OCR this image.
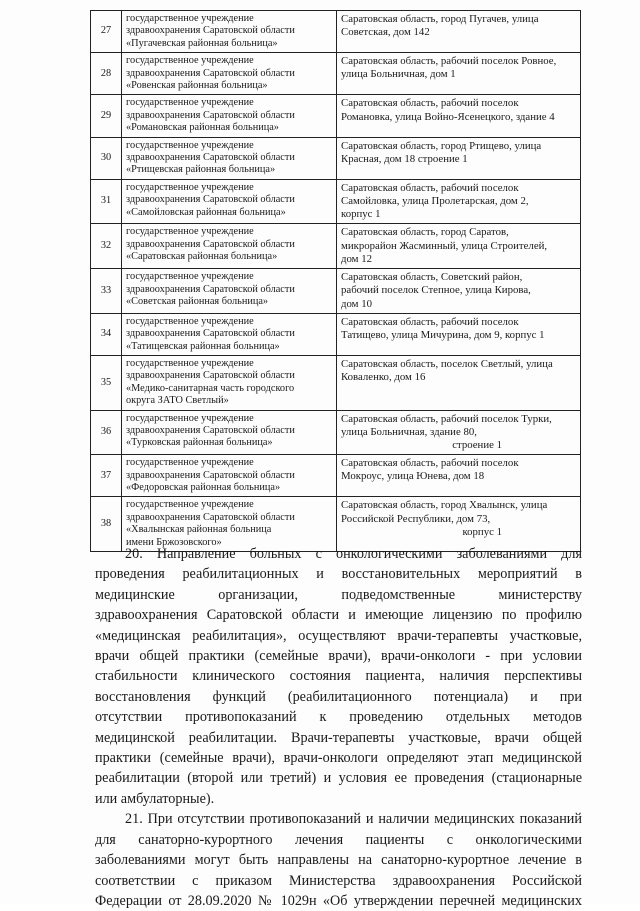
27	государственное учреждение
здравоохранения Саратовской области
«Пугачевская районная больница»	Саратовская область, город Пугачев, улица
Советская, дом 142

28	государственное учреждение
здравоохранения Саратовской области
«Ровенская районная больница»	Саратовская область, рабочий поселок Ровное,
улица Больничная, дом 1

29	государственное учреждение
здравоохранения Саратовской области
«Романовская районная больница»	Саратовская область, рабочий поселок
Романовка, улица Войно-Ясенецкого, здание 4

30	государственное учреждение
здравоохранения Саратовской области
«Ртищевская районная больница»	Саратовская область, город Ртищево, улица
Красная, дом 18 строение 1

31	государственное учреждение
здравоохранения Саратовской области
«Самойловская районная больница»	Саратовская область, рабочий поселок
Самойловка, улица Пролетарская, дом 2,
корпус 1

32	государственное учреждение
здравоохранения Саратовской области
«Саратовская районная больница»	Саратовская область, город Саратов,
микрорайон Жасминный, улица Строителей,
дом 12

33	государственное учреждение
здравоохранения Саратовской области
«Советская районная больница»	Саратовская область, Советский район,
рабочий поселок Степное, улица Кирова,
дом 10

34	государственное учреждение
здравоохранения Саратовской области
«Татищевская районная больница»	Саратовская область, рабочий поселок
Татищево, улица Мичурина, дом 9, корпус 1

35	государственное учреждение
здравоохранения Саратовской области
«Медико-санитарная часть городского
округа ЗАТО Светлый»	Саратовская область, поселок Светлый, улица
Коваленко, дом 16

36	государственное учреждение
здравоохранения Саратовской области
«Турковская районная больница»	Саратовская область, рабочий поселок Турки,
улица Больничная, здание 80,
строение 1

37	государственное учреждение
здравоохранения Саратовской области
«Федоровская районная больница»	Саратовская область, рабочий поселок
Мокроус, улица Юнева, дом 18

38	государственное учреждение
здравоохранения Саратовской области
«Хвалынская районная больница
имени Бржозовского»	Саратовская область, город Хвалынск, улица
Российской Республики, дом 73,
корпус 1
20. Направление больных с онкологическими заболеваниями для
проведения реабилитационных и восстановительных мероприятий в
медицинские организации, подведомственные министерству
здравоохранения Саратовской области и имеющие лицензию по профилю
«медицинская реабилитация», осуществляют врачи-терапевты участковые,
врачи общей практики (семейные врачи), врачи-онкологи - при условии
стабильности клинического состояния пациента, наличия перспективы
восстановления функций (реабилитационного потенциала) и при
отсутствии противопоказаний к проведению отдельных методов
медицинской реабилитации. Врачи-терапевты участковые, врачи общей
практики (семейные врачи), врачи-онкологи определяют этап медицинской
реабилитации (второй или третий) и условия ее проведения (стационарные
или амбулаторные).
21. При отсутствии противопоказаний и наличии медицинских показаний
для санаторно-курортного лечения пациенты с онкологическими
заболеваниями могут быть направлены на санаторно-курортное лечение в
соответствии с приказом Министерства здравоохранения Российской
Федерации от 28.09.2020 № 1029н «Об утверждении перечней медицинских
